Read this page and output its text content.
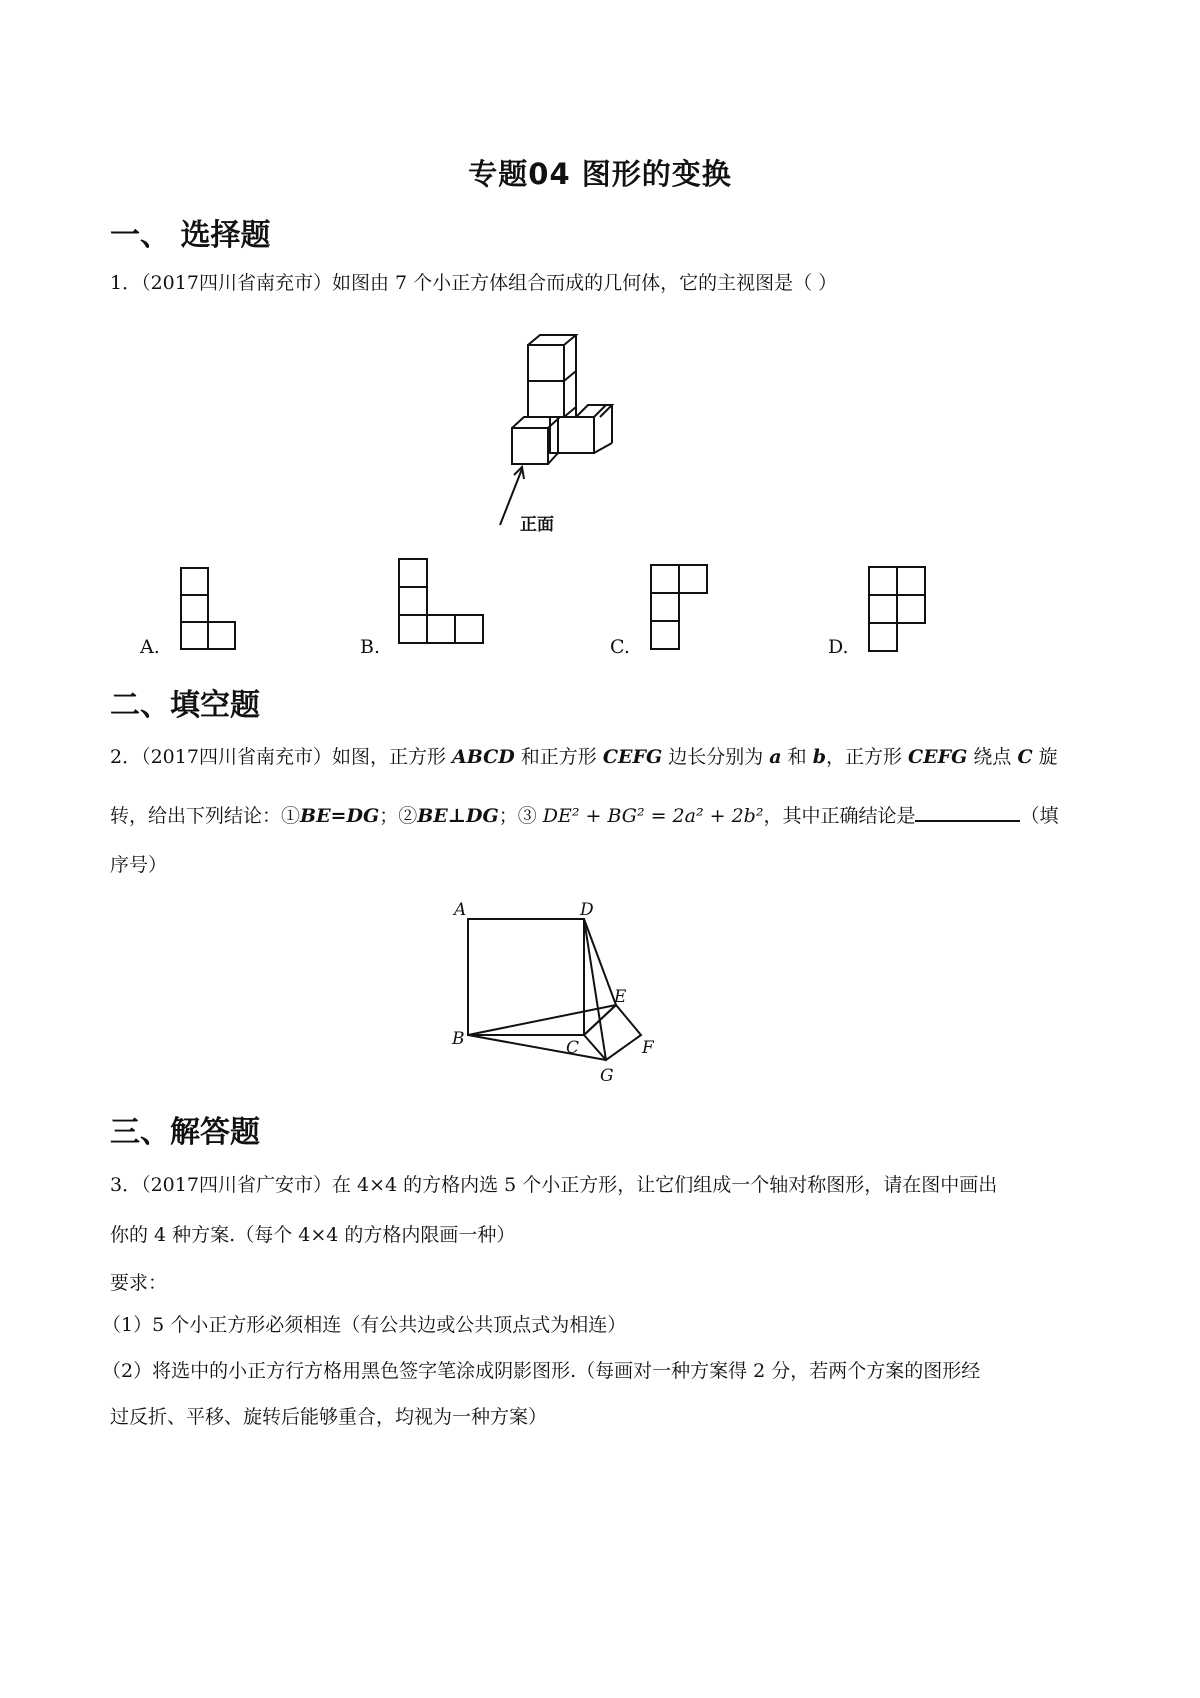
专题04 图形的变换
一、 选择题
1．（2017四川省南充市）如图由 7 个小正方体组合而成的几何体，它的主视图是（ ）
正面
A.	B.	C.	D.
二、填空题
2．（2017四川省南充市）如图，正方形 ABCD 和正方形 CEFG 边长分别为 a 和 b，正方形 CEFG 绕点 C 旋
转，给出下列结论：①BE=DG；②BE⊥DG；③ DE² + BG² = 2a² + 2b²，其中正确结论是	（填
序号）
A	D
E
F
G
C
B
三、解答题
3．（2017四川省广安市）在 4×4 的方格内选 5 个小正方形，让它们组成一个轴对称图形，请在图中画出
你的 4 种方案.（每个 4×4 的方格内限画一种）
要求：
（1）5 个小正方形必须相连（有公共边或公共顶点式为相连）
（2）将选中的小正方行方格用黑色签字笔涂成阴影图形.（每画对一种方案得 2 分，若两个方案的图形经
过反折、平移、旋转后能够重合，均视为一种方案）
